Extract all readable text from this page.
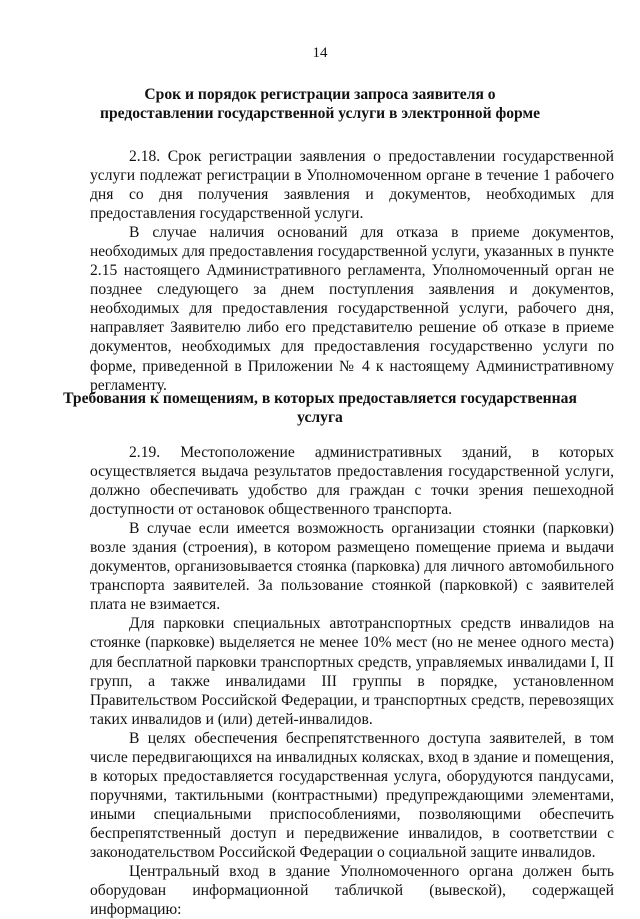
14
Срок и порядок регистрации запроса заявителя о
предоставлении государственной услуги в электронной форме
2.18. Срок регистрации заявления о предоставлении государственной
услуги подлежат регистрации в Уполномоченном органе в течение 1 рабочего
дня со дня получения заявления и документов, необходимых для
предоставления государственной услуги.
В случае наличия оснований для отказа в приеме документов,
необходимых для предоставления государственной услуги, указанных в пункте
2.15 настоящего Административного регламента, Уполномоченный орган не
позднее следующего за днем поступления заявления и документов,
необходимых для предоставления государственной услуги, рабочего дня,
направляет Заявителю либо его представителю решение об отказе в приеме
документов, необходимых для предоставления государственно услуги по
форме, приведенной в Приложении № 4 к настоящему Административному
регламенту.
Требования к помещениям, в которых предоставляется государственная
услуга
2.19. Местоположение административных зданий, в которых
осуществляется выдача результатов предоставления государственной услуги,
должно обеспечивать удобство для граждан с точки зрения пешеходной
доступности от остановок общественного транспорта.
В случае если имеется возможность организации стоянки (парковки)
возле здания (строения), в котором размещено помещение приема и выдачи
документов, организовывается стоянка (парковка) для личного автомобильного
транспорта заявителей. За пользование стоянкой (парковкой) с заявителей
плата не взимается.
Для парковки специальных автотранспортных средств инвалидов на
стоянке (парковке) выделяется не менее 10% мест (но не менее одного места)
для бесплатной парковки транспортных средств, управляемых инвалидами I, II
групп, а также инвалидами III группы в порядке, установленном
Правительством Российской Федерации, и транспортных средств, перевозящих
таких инвалидов и (или) детей-инвалидов.
В целях обеспечения беспрепятственного доступа заявителей, в том
числе передвигающихся на инвалидных колясках, вход в здание и помещения,
в которых предоставляется государственная услуга, оборудуются пандусами,
поручнями, тактильными (контрастными) предупреждающими элементами,
иными специальными приспособлениями, позволяющими обеспечить
беспрепятственный доступ и передвижение инвалидов, в соответствии с
законодательством Российской Федерации о социальной защите инвалидов.
Центральный вход в здание Уполномоченного органа должен быть
оборудован информационной табличкой (вывеской), содержащей
информацию:
